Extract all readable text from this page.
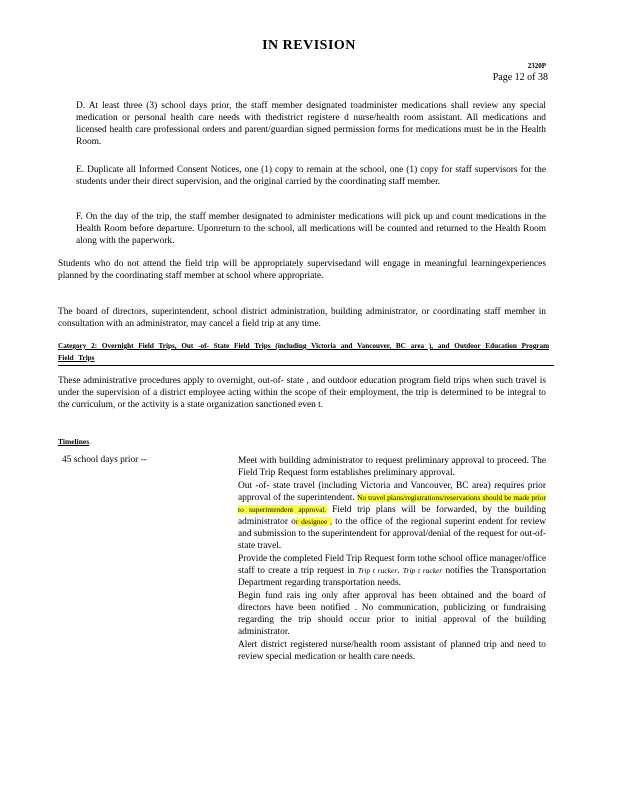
IN REVISION
2320P
Page 12 of 38
D. At least three (3) school days prior, the staff member designated toadminister medications shall review any special medication or personal health care needs with thedistrict registere d nurse/health room assistant. All medications and licensed health care professional orders and parent/guardian signed permission forms for medications must be in the Health Room.
E. Duplicate all Informed Consent Notices, one (1) copy to remain at the school, one (1) copy for staff supervisors for the students under their direct supervision, and the original carried by the coordinating staff member.
F. On the day of the trip, the staff member designated to administer medications will pick up and count medications in the Health Room before departure. Uponreturn to the school, all medications will be counted and returned to the Health Room along with the paperwork.
Students who do not attend the field trip will be appropriately supervisedand will engage in meaningful learningexperiences planned by the coordinating staff member at school where appropriate.
The board of directors, superintendent, school district administration, building administrator, or coordinating staff member in consultation with an administrator, may cancel a field trip at any time.
Category 2: Overnight Field Trips, Out -of- State Field Trips (including Victoria and Vancouver, BC area ), and Outdoor Education Program Field Trips
These administrative procedures apply to overnight, out-of- state , and outdoor education program field trips when such travel is under the supervision of a district employee acting within the scope of their employment, the trip is determined to be integral to the curriculum, or the activity is a state organization sanctioned even t.
Timelines
45 school days prior --	Meet with building administrator to request preliminary approval to proceed. The Field Trip Request form establishes preliminary approval.
Out -of- state travel (including Victoria and Vancouver, BC area) requires prior approval of the superintendent. No travel plans/registrations/reservations should be made prior to superintendent approval. Field trip plans will be forwarded, by the building administrator or designee , to the office of the regional superint endent for review and submission to the superintendent for approval/denial of the request for out-of- state travel.
Provide the completed Field Trip Request form tothe school office manager/office staff to create a trip request in Trip t racker. Trip t racker notifies the Transportation Department regarding transportation needs.
Begin fund rais ing only after approval has been obtained and the board of directors have been notified . No communication, publicizing or fundraising regarding the trip should occur prior to initial approval of the building administrator.
Alert district registered nurse/health room assistant of planned trip and need to review special medication or health care needs.
